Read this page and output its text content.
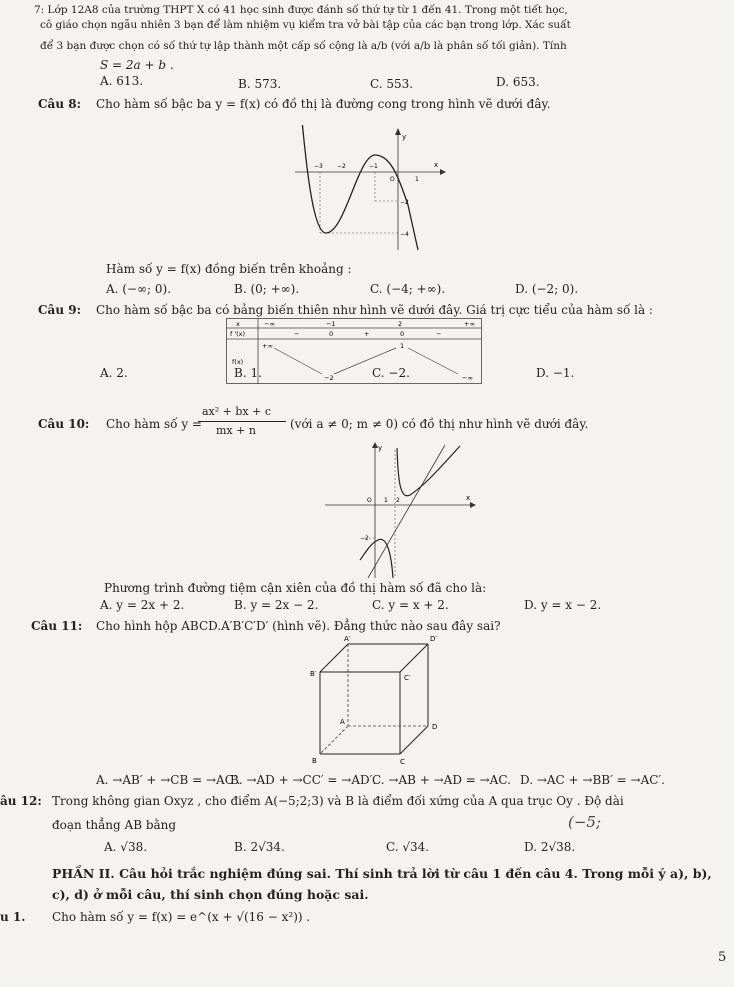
7: Lớp 12A8 của trường THPT X có 41 học sinh được đánh số thứ tự từ 1 đến 41. Trong một tiết học,
cô giáo chọn ngẫu nhiên 3 bạn để làm nhiệm vụ kiểm tra vở bài tập của các bạn trong lớp. Xác suất
để 3 bạn được chọn có số thứ tự lập thành một cấp số cộng là a/b (với a/b là phân số tối giản). Tính
S = 2a + b .
A. 613.	B. 573.	C. 553.	D. 653.
Câu 8: Cho hàm số bậc ba y = f(x) có đồ thị là đường cong trong hình vẽ dưới đây.
y
x
−3 −2	−1
O	1
−2
−4
Hàm số y = f(x) đồng biến trên khoảng :
A. (−∞; 0).	B. (0; +∞).	C. (−4; +∞).	D. (−2; 0).
Câu 9: Cho hàm số bậc ba có bảng biến thiên như hình vẽ dưới đây. Giá trị cực tiểu của hàm số là :
x	−∞	−1	2	+∞
f '(x)	−	0	+	0	−
f(x)
+∞
−2
1
−∞
A. 2.	B. 1.	C. −2.	D. −1.
Câu 10: Cho hàm số y =
ax² + bx + c
mx + n	(với a ≠ 0; m ≠ 0) có đồ thị như hình vẽ dưới đây.
y
x
O 1 2
−2
Phương trình đường tiệm cận xiên của đồ thị hàm số đã cho là:
A. y = 2x + 2.	B. y = 2x − 2.	C. y = x + 2.	D. y = x − 2.
Câu 11: Cho hình hộp ABCD.A′B′C′D′ (hình vẽ). Đẳng thức nào sau đây sai?
A′	D′
B′	C′
A
D
B	C
A. →AB′ + →CB = →AC′.
B. →AD + →CC′ = →AD′.
C. →AB + →AD = →AC. D. →AC + →BB′ = →AC′.
âu 12: Trong không gian Oxyz , cho điểm A(−5;2;3) và B là điểm đối xứng của A qua trục Oy . Độ dài
đoạn thẳng AB bằng	(−5;
A. √38.	B. 2√34.	C. √34.	D. 2√38.
PHẦN II. Câu hỏi trắc nghiệm đúng sai. Thí sinh trả lời từ câu 1 đến câu 4. Trong mỗi ý a), b),
c), d) ở mỗi câu, thí sinh chọn đúng hoặc sai.
u 1. Cho hàm số y = f(x) = e^(x + √(16 − x²)) .
5
